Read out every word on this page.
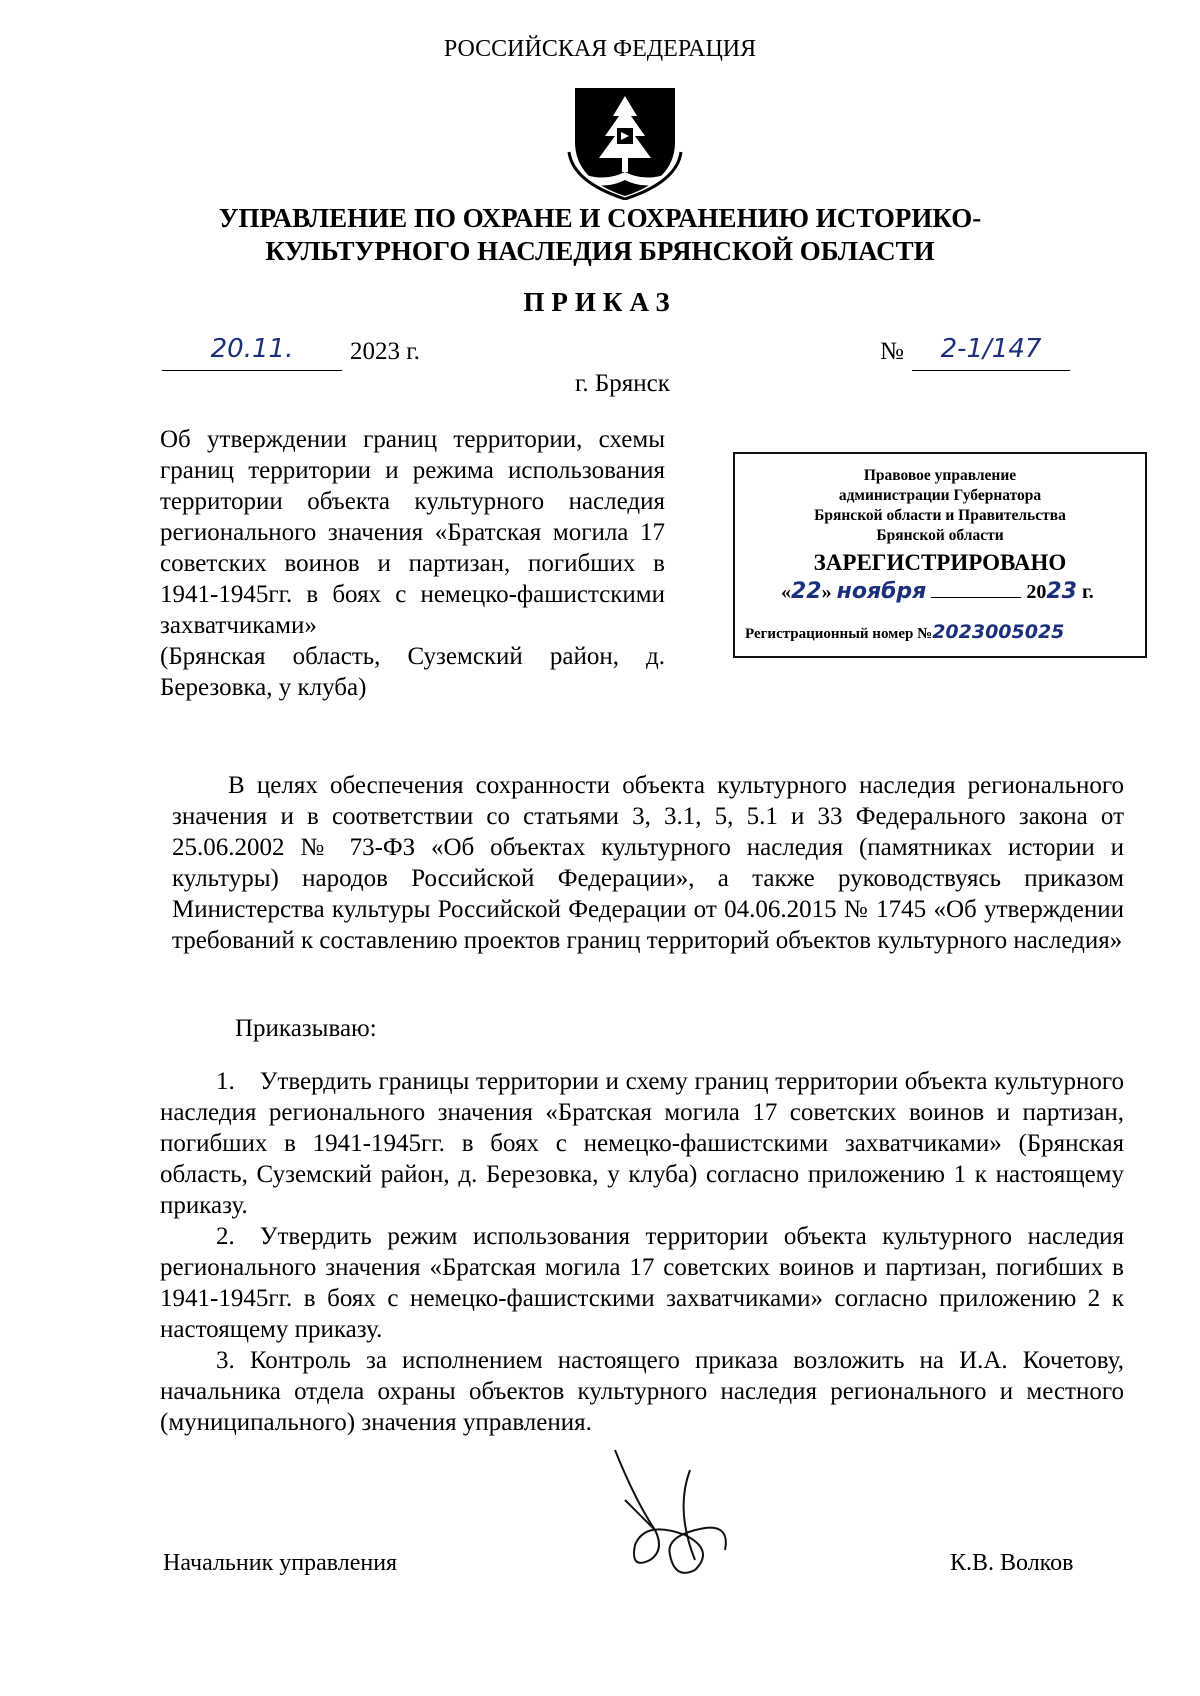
РОССИЙСКАЯ ФЕДЕРАЦИЯ
УПРАВЛЕНИЕ ПО ОХРАНЕ И СОХРАНЕНИЮ ИСТОРИКО-
КУЛЬТУРНОГО НАСЛЕДИЯ БРЯНСКОЙ ОБЛАСТИ
ПРИКАЗ
20.11.	2023 г.	№	2-1/147
г. Брянск

Об утверждении границ территории, схемы границ территории и режима использования территории объекта культурного наследия регионального значения «Братская могила 17 советских воинов и партизан, погибших в 1941-1945гг. в боях с немецко-фашистскими захватчиками»

(Брянская область, Суземский район, д. Березовка, у клуба)

Правовое управление
администрации Губернатора
Брянской области и Правительства
Брянской области
ЗАРЕГИСТРИРОВАНО
«22» ноября	2023 г.
Регистрационный номер №2023005025

В целях обеспечения сохранности объекта культурного наследия регионального значения и в соответствии со статьями 3, 3.1, 5, 5.1 и 33 Федерального закона от 25.06.2002 № 73-ФЗ «Об объектах культурного наследия (памятниках истории и культуры) народов Российской Федерации», а также руководствуясь приказом Министерства культуры Российской Федерации от 04.06.2015 № 1745 «Об утверждении требований к составлению проектов границ территорий объектов культурного наследия»

Приказываю:

1. Утвердить границы территории и схему границ территории объекта культурного наследия регионального значения «Братская могила 17 советских воинов и партизан, погибших в 1941-1945гг. в боях с немецко-фашистскими захватчиками» (Брянская область, Суземский район, д. Березовка, у клуба) согласно приложению 1 к настоящему приказу.

2. Утвердить режим использования территории объекта культурного наследия регионального значения «Братская могила 17 советских воинов и партизан, погибших в 1941-1945гг. в боях с немецко-фашистскими захватчиками» согласно приложению 2 к настоящему приказу.

3. Контроль за исполнением настоящего приказа возложить на И.А. Кочетову, начальника отдела охраны объектов культурного наследия регионального и местного (муниципального) значения управления.

Начальник управления	К.В. Волков
